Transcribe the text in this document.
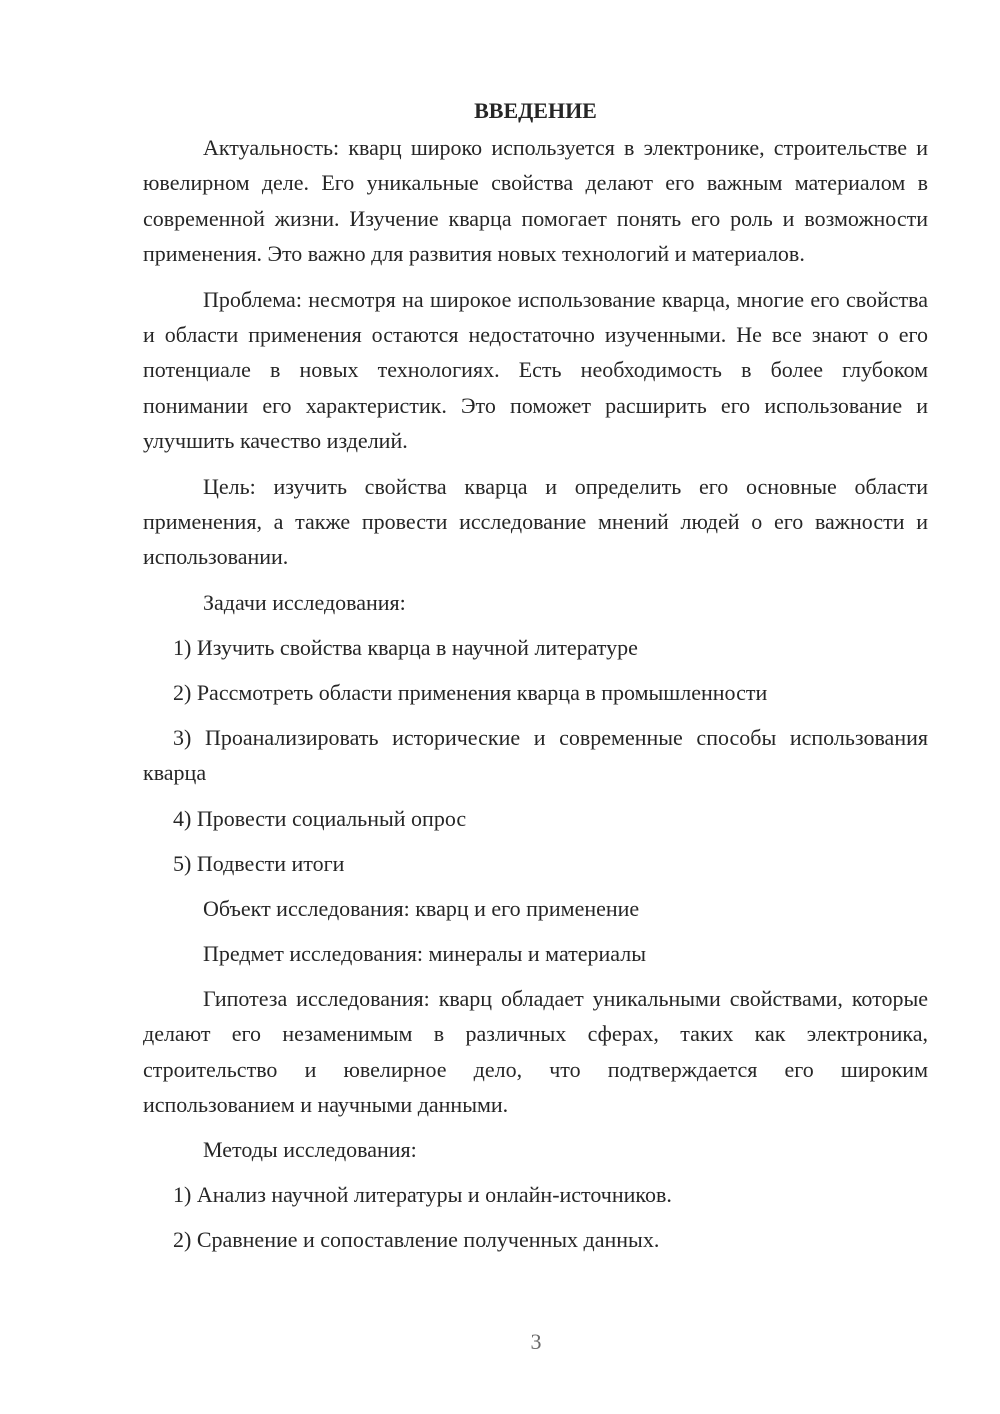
ВВЕДЕНИЕ

Актуальность: кварц широко используется в электронике, строительстве и ювелирном деле. Его уникальные свойства делают его важным материалом в современной жизни. Изучение кварца помогает понять его роль и возможности применения. Это важно для развития новых технологий и материалов.

Проблема: несмотря на широкое использование кварца, многие его свойства и области применения остаются недостаточно изученными. Не все знают о его потенциале в новых технологиях. Есть необходимость в более глубоком понимании его характеристик. Это поможет расширить его использование и улучшить качество изделий.

Цель: изучить свойства кварца и определить его основные области применения, а также провести исследование мнений людей о его важности и использовании.

Задачи исследования:

1) Изучить свойства кварца в научной литературе

2) Рассмотреть области применения кварца в промышленности

3) Проанализировать исторические и современные способы использования кварца

4) Провести социальный опрос

5) Подвести итоги

Объект исследования: кварц и его применение

Предмет исследования: минералы и материалы

Гипотеза исследования: кварц обладает уникальными свойствами, которые делают его незаменимым в различных сферах, таких как электроника, строительство и ювелирное дело, что подтверждается его широким использованием и научными данными.

Методы исследования:

1) Анализ научной литературы и онлайн-источников.

2) Сравнение и сопоставление полученных данных.

3
